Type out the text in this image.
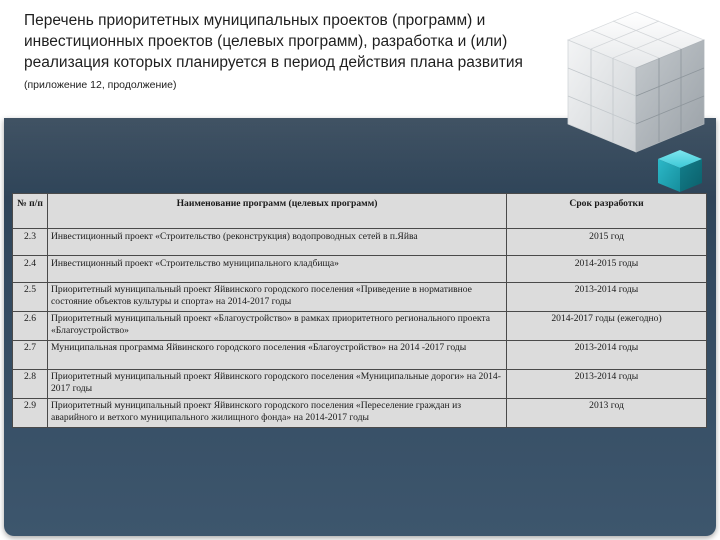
Перечень приоритетных муниципальных проектов (программ) и инвестиционных проектов (целевых программ), разработка и (или) реализация которых планируется в период действия плана развития (приложение 12, продолжение)

№ п/п	Наименование программ (целевых программ)	Срок разработки
2.3	Инвестиционный проект «Строительство (реконструкция) водопроводных сетей в п.Яйва	2015 год
2.4	Инвестиционный проект «Строительство муниципального кладбища»	2014-2015 годы
2.5	Приоритетный муниципальный проект Яйвинского городского поселения «Приведение в нормативное состояние объектов культуры и спорта» на 2014-2017 годы	2013-2014 годы
2.6	Приоритетный муниципальный проект «Благоустройство» в рамках приоритетного регионального проекта «Благоустройство»	2014-2017 годы (ежегодно)
2.7	Муниципальная программа Яйвинского городского поселения «Благоустройство» на 2014 -2017 годы	2013-2014 годы
2.8	Приоритетный муниципальный проект Яйвинского городского поселения «Муниципальные дороги» на 2014-2017 годы	2013-2014 годы
2.9	Приоритетный муниципальный проект Яйвинского городского поселения «Переселение граждан из аварийного и ветхого муниципального жилищного фонда» на 2014-2017 годы	2013 год
